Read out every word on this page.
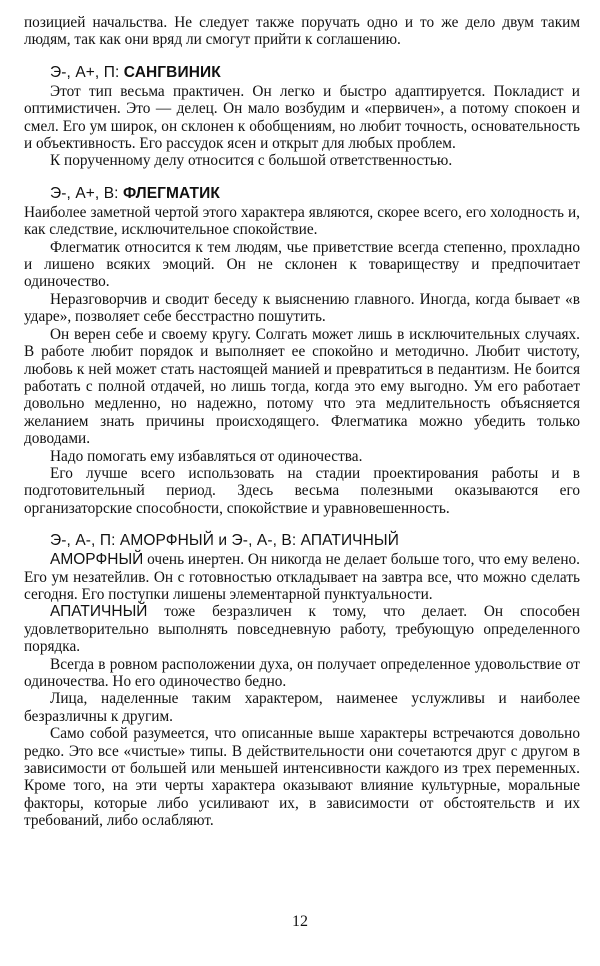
позицией начальства. Не следует также поручать одно и то же дело двум таким людям, так как они вряд ли смогут прийти к соглашению.

Э-, А+, П: САНГВИНИК

Этот тип весьма практичен. Он легко и быстро адаптируется. Покладист и оптимистичен. Это — делец. Он мало возбудим и «первичен», а потому спокоен и смел. Его ум широк, он склонен к обобщениям, но любит точность, основательность и объективность. Его рассудок ясен и открыт для любых проблем.

К порученному делу относится с большой ответственностью.

Э-, А+, В: ФЛЕГМАТИК

Наиболее заметной чертой этого характера являются, скорее всего, его холодность и, как следствие, исключительное спокойствие.

Флегматик относится к тем людям, чье приветствие всегда степенно, прохладно и лишено всяких эмоций. Он не склонен к товариществу и предпочитает одиночество.

Неразговорчив и сводит беседу к выяснению главного. Иногда, когда бывает «в ударе», позволяет себе бесстрастно пошутить.

Он верен себе и своему кругу. Солгать может лишь в исключительных случаях. В работе любит порядок и выполняет ее спокойно и методично. Любит чистоту, любовь к ней может стать настоящей манией и превратиться в педантизм. Не боится работать с полной отдачей, но лишь тогда, когда это ему выгодно. Ум его работает довольно медленно, но надежно, потому что эта медлительность объясняется желанием знать причины происходящего. Флегматика можно убедить только доводами.

Надо помогать ему избавляться от одиночества.

Его лучше всего использовать на стадии проектирования работы и в подготовительный период. Здесь весьма полезными оказываются его организаторские способности, спокойствие и уравновешенность.

Э-, А-, П: АМОРФНЫЙ и Э-, А-, В: АПАТИЧНЫЙ

АМОРФНЫЙ очень инертен. Он никогда не делает больше того, что ему велено. Его ум незатейлив. Он с готовностью откладывает на завтра все, что можно сделать сегодня. Его поступки лишены элементарной пунктуальности.

АПАТИЧНЫЙ тоже безразличен к тому, что делает. Он способен удовлетворительно выполнять повседневную работу, требующую определенного порядка.

Всегда в ровном расположении духа, он получает определенное удовольствие от одиночества. Но его одиночество бедно.

Лица, наделенные таким характером, наименее услужливы и наиболее безразличны к другим.

Само собой разумеется, что описанные выше характеры встречаются довольно редко. Это все «чистые» типы. В действительности они сочетаются друг с другом в зависимости от большей или меньшей интенсивности каждого из трех переменных. Кроме того, на эти черты характера оказывают влияние культурные, моральные факторы, которые либо усиливают их, в зависимости от обстоятельств и их требований, либо ослабляют.

12
